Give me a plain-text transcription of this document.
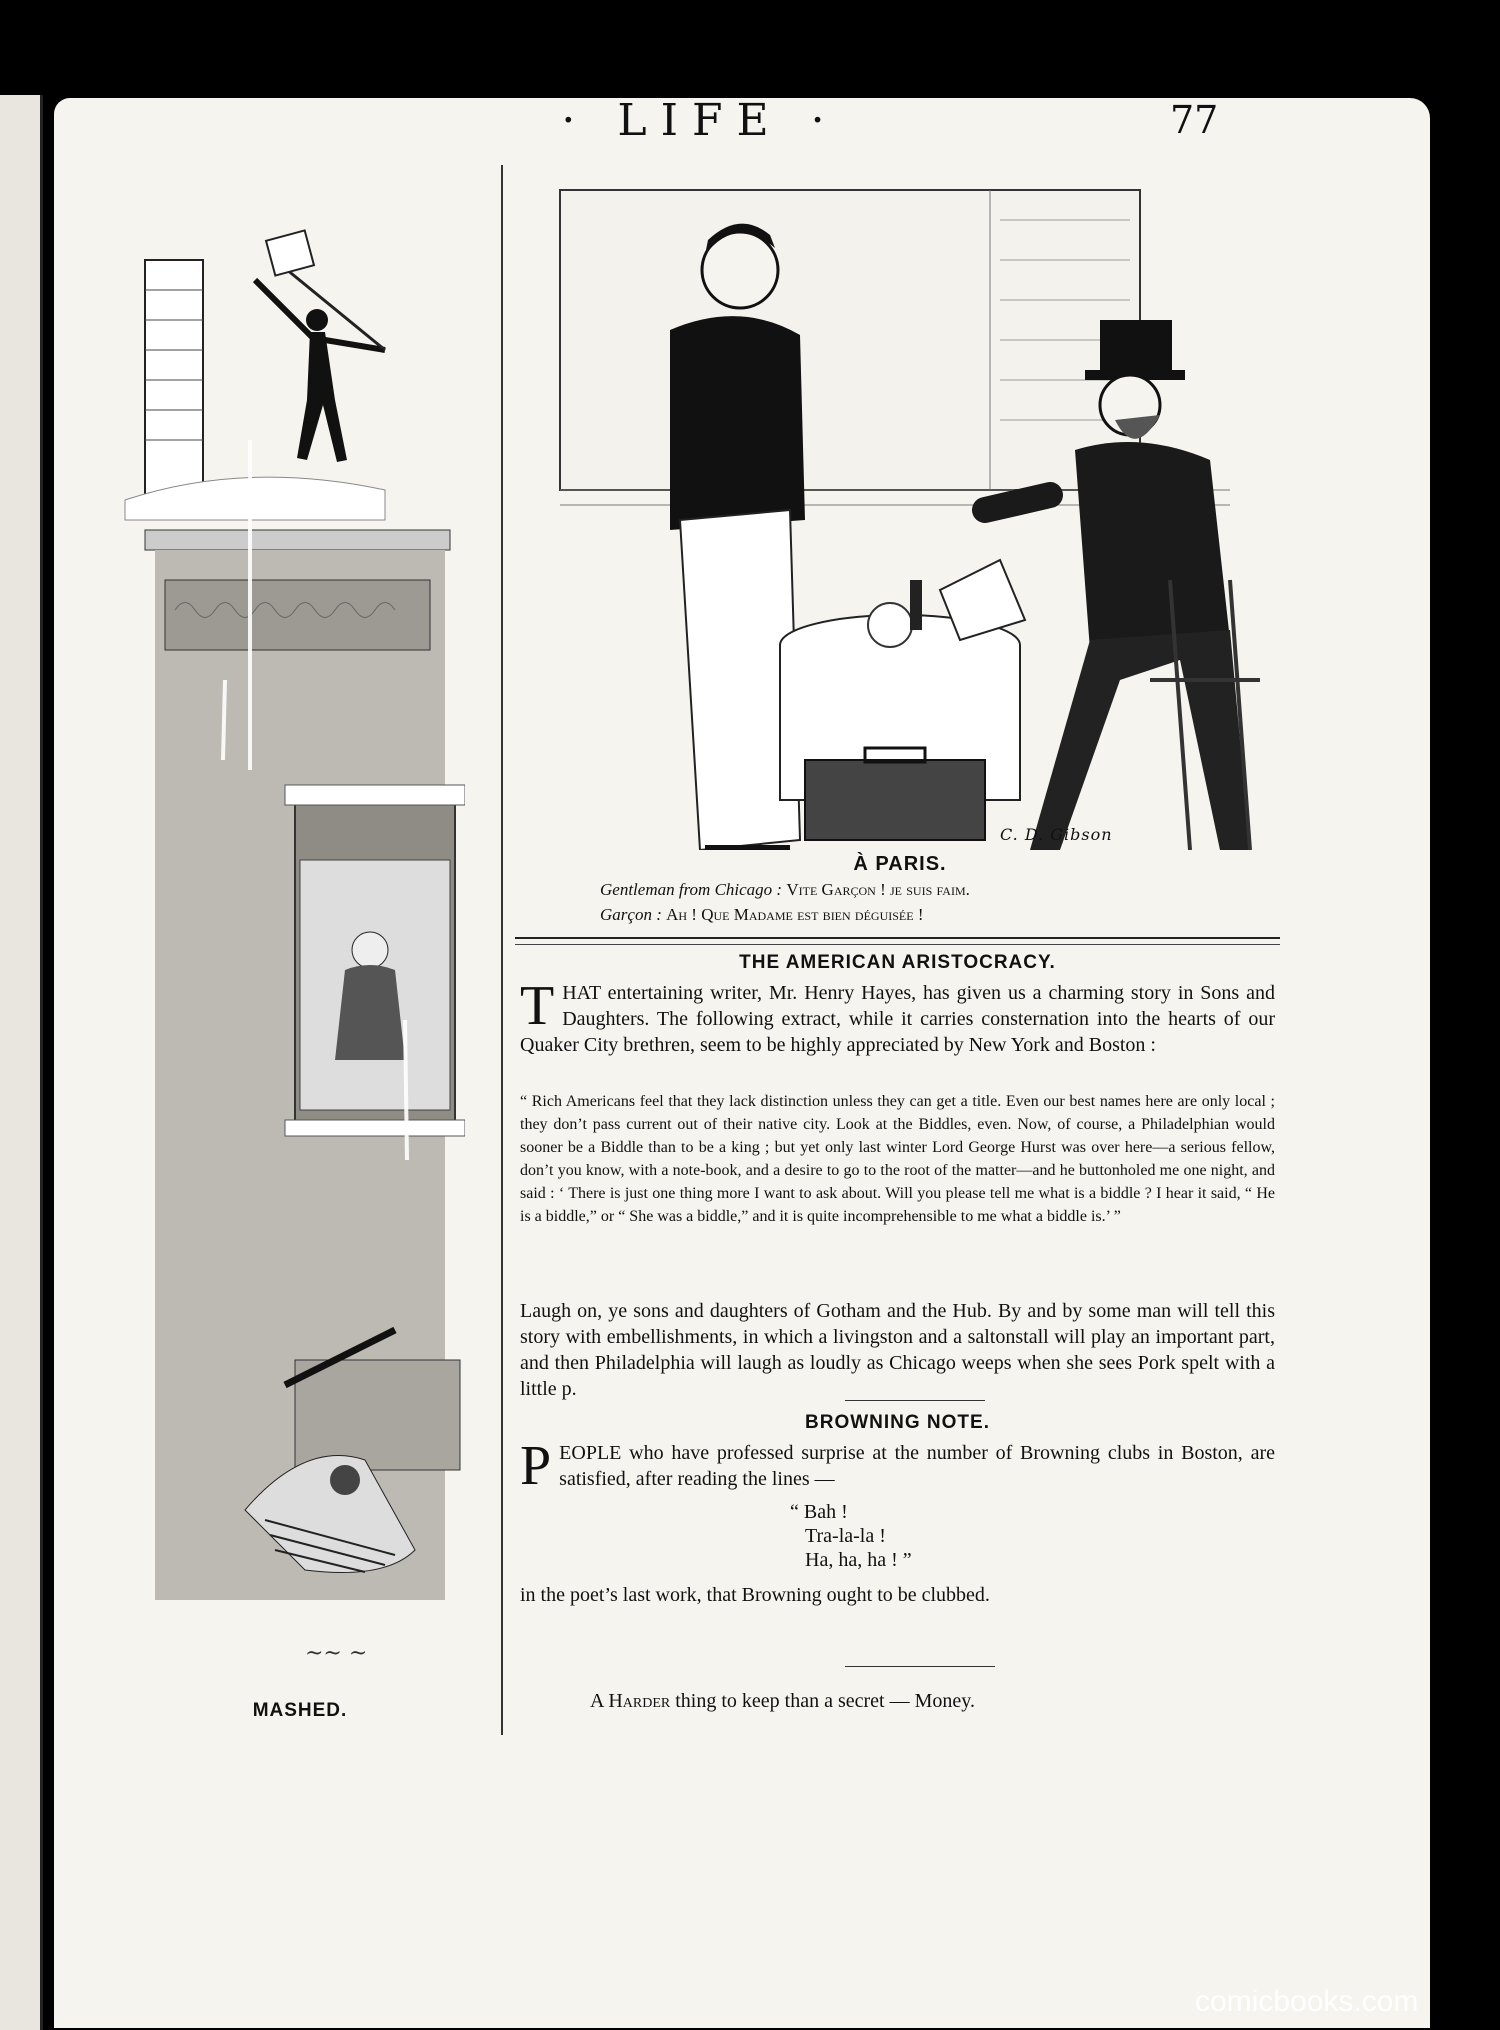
· LIFE ·	77
~~ ~
MASHED.
C. D. Gibson
À PARIS.
Gentleman from Chicago : Vite Garçon ! je suis faim.
Garçon : Ah ! Que Madame est bien déguisée !
THE AMERICAN ARISTOCRACY.
THAT entertaining writer, Mr. Henry Hayes, has given us a charming story in Sons and Daughters. The following extract, while it carries consternation into the hearts of our Quaker City brethren, seem to be highly appreciated by New York and Boston :
“ Rich Americans feel that they lack distinction unless they can get a title. Even our best names here are only local ; they don’t pass current out of their native city. Look at the Biddles, even. Now, of course, a Philadelphian would sooner be a Biddle than to be a king ; but yet only last winter Lord George Hurst was over here—a serious fellow, don’t you know, with a note-book, and a desire to go to the root of the matter—and he buttonholed me one night, and said : ‘ There is just one thing more I want to ask about. Will you please tell me what is a biddle ? I hear it said, “ He is a biddle,” or “ She was a biddle,” and it is quite incomprehensible to me what a biddle is.’ ”
Laugh on, ye sons and daughters of Gotham and the Hub. By and by some man will tell this story with embellishments, in which a livingston and a saltonstall will play an important part, and then Philadelphia will laugh as loudly as Chicago weeps when she sees Pork spelt with a little p.
BROWNING NOTE.
PEOPLE who have professed surprise at the number of Browning clubs in Boston, are satisfied, after reading the lines —
“ Bah !
Tra-la-la !
Ha, ha, ha ! ”
in the poet’s last work, that Browning ought to be clubbed.
A Harder thing to keep than a secret — Money.
comicbooks.com
